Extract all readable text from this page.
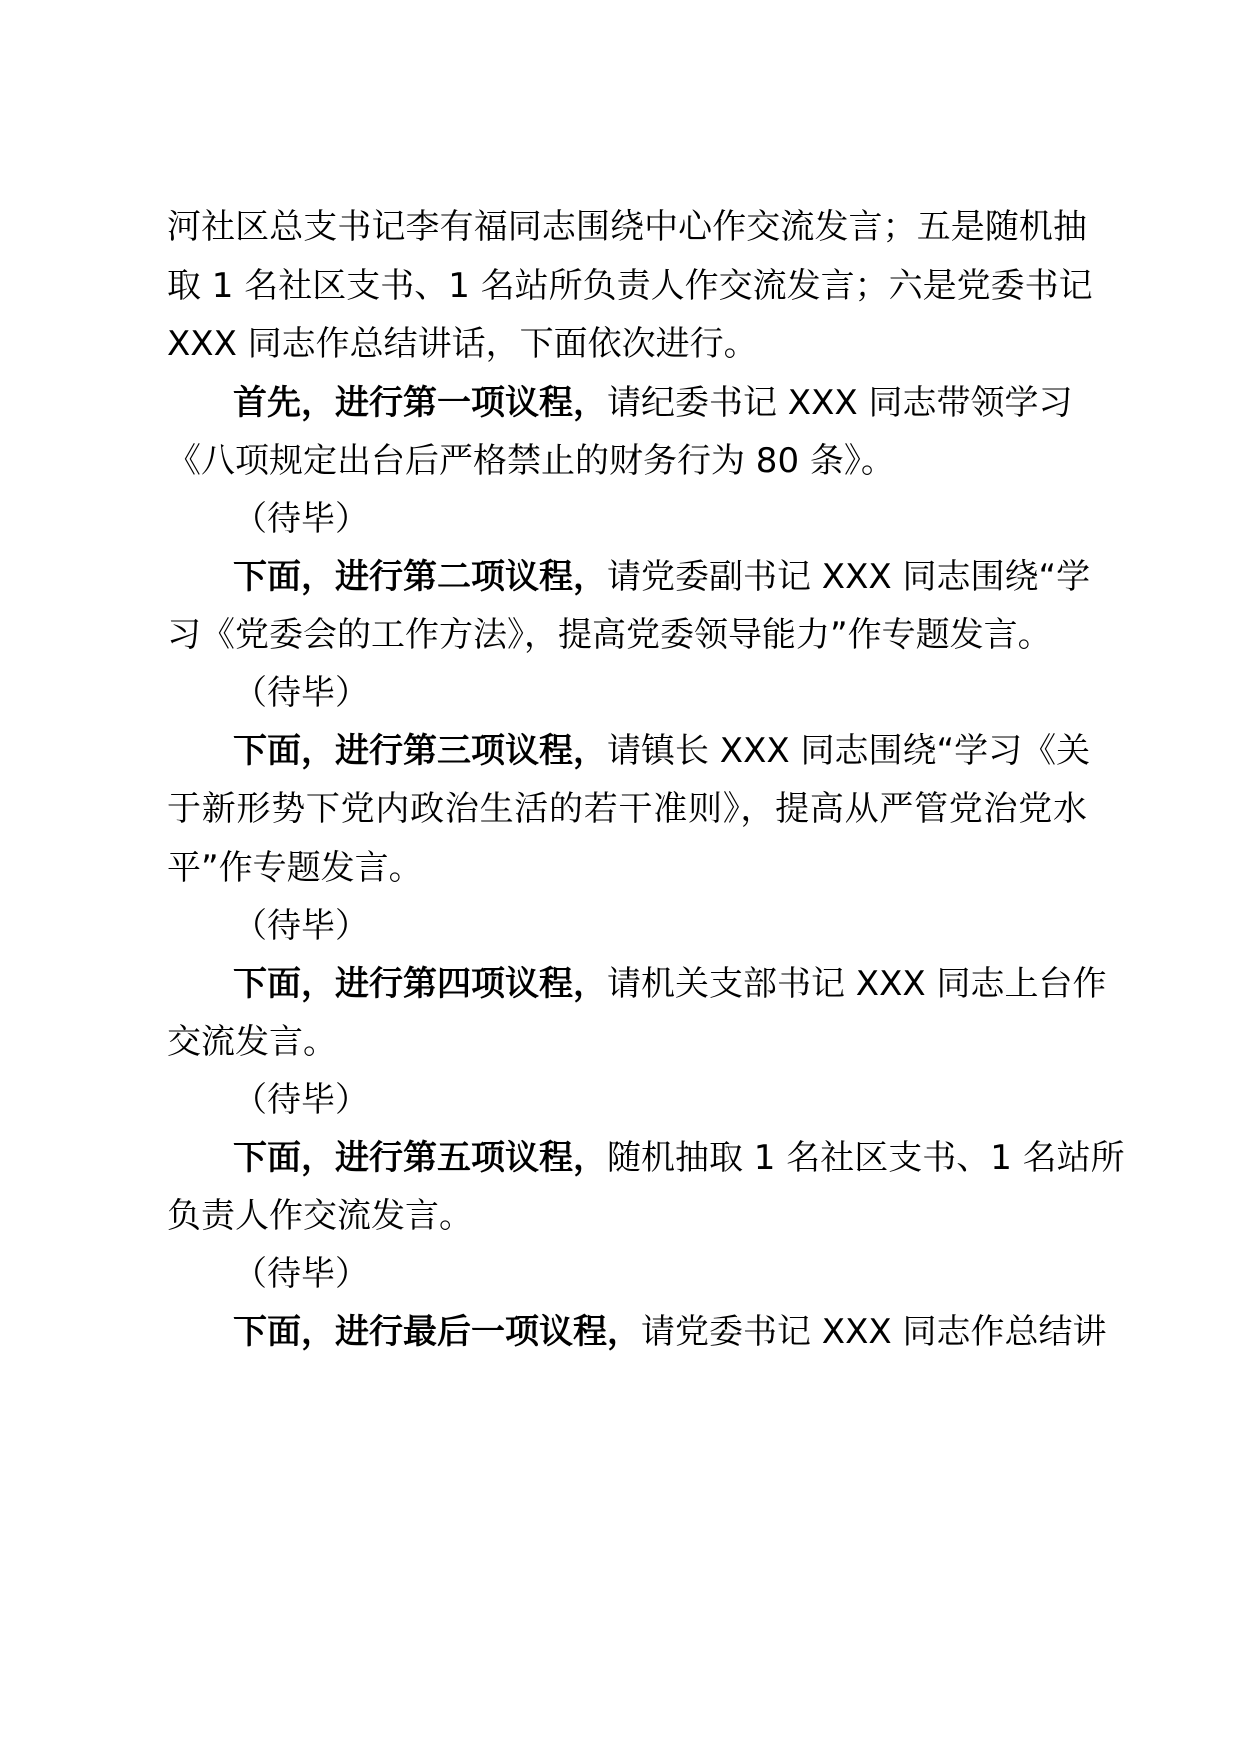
河社区总支书记李有福同志围绕中心作交流发言；五是随机抽
取 1 名社区支书、1 名站所负责人作交流发言；六是党委书记
XXX 同志作总结讲话，下面依次进行。
首先，进行第一项议程，请纪委书记 XXX 同志带领学习
《八项规定出台后严格禁止的财务行为 80 条》。
（待毕）
下面，进行第二项议程，请党委副书记 XXX 同志围绕“学
习《党委会的工作方法》，提高党委领导能力”作专题发言。
（待毕）
下面，进行第三项议程，请镇长 XXX 同志围绕“学习《关
于新形势下党内政治生活的若干准则》，提高从严管党治党水
平”作专题发言。
（待毕）
下面，进行第四项议程，请机关支部书记 XXX 同志上台作
交流发言。
（待毕）
下面，进行第五项议程，随机抽取 1 名社区支书、1 名站所
负责人作交流发言。
（待毕）
下面，进行最后一项议程，请党委书记 XXX 同志作总结讲
